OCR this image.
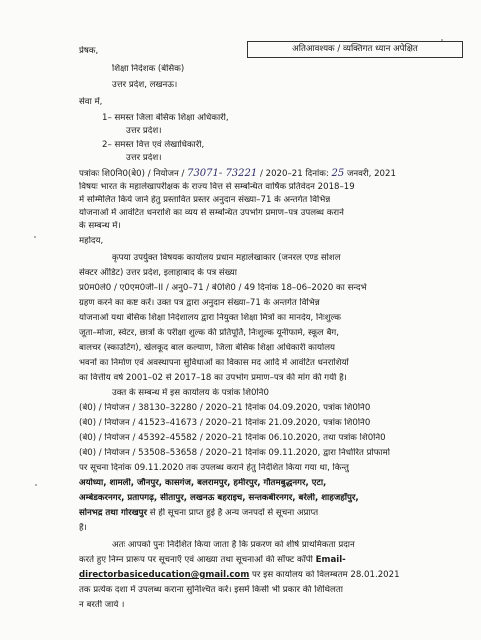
प्रेषक,	अतिआवश्यक / व्यक्तिगत ध्यान अपेक्षित
शिक्षा निदेशक (बेसिक)
उत्तर प्रदेश, लखनऊ।
सेवा में,
1– समस्त जिला बेसिक शिक्षा अधिकारी,
उत्तर प्रदेश।
2– समस्त वित्त एवं लेखाधिकारी,
उत्तर प्रदेश।
पत्रांकः शि0नि0(बे0) / नियोजन / 73071- 73221 / 2020–21 दिनांक: 25 जनवरी, 2021
विषयः भारत के महालेखापरीक्षक के राज्य वित्त से सम्बन्धित वार्षिक प्रतिवेदन 2018–19
में सम्मिलित किये जाने हेतु प्रस्तावित प्रस्तर अनुदान संख्या–71 के अन्तर्गत विभिन्न
योजनाओं में आवंटित धनराशि का व्यय से सम्बन्धित उपभोग प्रमाण–पत्र उपलब्ध कराने
के सम्बन्ध में।
महोदय,
कृपया उपर्युक्त विषयक कार्यालय प्रधान महालेखाकार (जनरल एण्ड सोशल
सेक्टर ऑडिट) उत्तर प्रदेश, इलाहाबाद के पत्र संख्या
प्र0म0ले0 / ए0एम0जी–II / अनु0–71 / बे0शि0 / 49 दिनांक 18–06–2020 का सन्दर्भ
ग्रहण करने का कष्ट करें। उक्त पत्र द्वारा अनुदान संख्या–71 के अन्तर्गत विभिन्न
योजनाओं यथा बेसिक शिक्षा निदेशालय द्वारा नियुक्त शिक्षा मित्रों का मानदेय, निःशुल्क
जूता–मोजा, स्वेटर, छात्रों के परीक्षा शुल्क की प्रतिपूर्ति, निःशुल्क यूनीफार्म, स्कूल बैग,
बालचर (स्काउटिंग), खेलकूद बाल कल्याण, जिला बेसिक शिक्षा अधिकारी कार्यालय
भवनों का निर्माण एवं अवस्थापना सुविधाओं का विकास मद आदि में आवंटित धनराशियों
का वित्तीय वर्ष 2001–02 से 2017–18 का उपभोग प्रमाण–पत्र की मांग की गयी है।
उक्त के सम्बन्ध में इस कार्यालय के पत्रांक शि0नि0
(बे0) / नियोजन / 38130–32280 / 2020–21 दिनांक 04.09.2020, पत्रांक शि0नि0
(बे0) / नियोजन / 41523–41673 / 2020–21 दिनांक 21.09.2020, पत्रांक शि0नि0
(बे0) / नियोजन / 45392–45582 / 2020–21 दिनांक 06.10.2020, तथा पत्रांक शि0नि0
(बे0) / नियोजन / 53508–53658 / 2020–21 दिनांक 09.11.2020, द्वारा निर्धारित प्रोफार्मा
पर सूचना दिनांक 09.11.2020 तक उपलब्ध कराने हेतु निर्देशित किया गया था, किन्तु
अयोध्या, शामली, जौनपुर, कासगंज, बलरामपुर, हमीरपुर, गौतमबुद्धनगर, एटा,
अम्बेडकरनगर, प्रतापगढ़, सीतापुर, लखनऊ बहराइच, सन्तकबीरनगर, बरेली, शाहजहाँपुर,
सोनभद्र तथा गोरखपुर से ही सूचना प्राप्त हुई है अन्य जनपदों से सूचना अप्राप्त
है।
अतः आपको पुनः निर्देशित किया जाता है कि प्रकरण को शीर्ष प्राथमिकता प्रदान
करते हुए निम्न प्रारूप पर सूचनाएँ एवं आख्या तथा सूचनाओं की सॉफ्ट कॉपी Email-
directorbasiceducation@gmail.com पर इस कार्यालय को विलम्बतम 28.01.2021
तक प्रत्येक दशा में उपलब्ध कराना सुनिश्चित करें। इसमें किसी भी प्रकार की शिथिलता
न बरती जाये ।
